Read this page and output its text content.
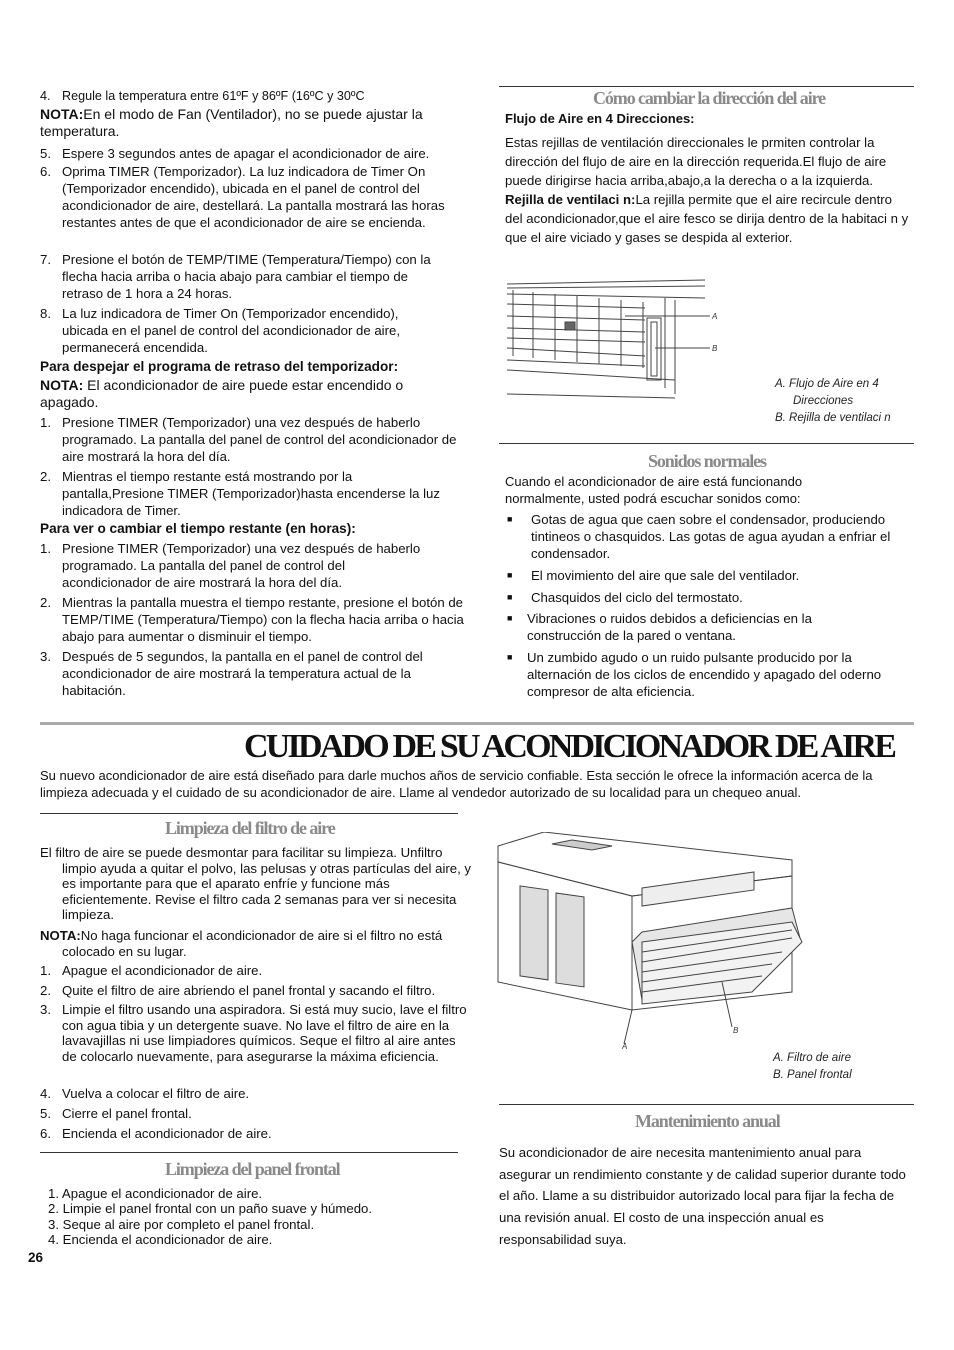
4. Regule la temperatura entre 61ºF y 86ºF (16ºC y 30ºC
NOTA:En el modo de Fan (Ventilador), no se puede ajustar la temperatura.
5. Espere 3 segundos antes de apagar el acondicionador de aire.
6. Oprima TIMER (Temporizador). La luz indicadora de Timer On (Temporizador encendido), ubicada en el panel de control del acondicionador de aire, destellará. La pantalla mostrará las horas restantes antes de que el acondicionador de aire se encienda.
7. Presione el botón de TEMP/TIME (Temperatura/Tiempo) con la flecha hacia arriba o hacia abajo para cambiar el tiempo de retraso de 1 hora a 24 horas.
8. La luz indicadora de Timer On (Temporizador encendido), ubicada en el panel de control del acondicionador de aire, permanecerá encendida.
Para despejar el programa de retraso del temporizador:
NOTA: El acondicionador de aire puede estar encendido o apagado.
1. Presione TIMER (Temporizador) una vez después de haberlo programado. La pantalla del panel de control del acondicionador de aire mostrará la hora del día.
2. Mientras el tiempo restante está mostrando por la pantalla,Presione TIMER (Temporizador)hasta encenderse la luz indicadora de Timer.
Para ver o cambiar el tiempo restante (en horas):
1. Presione TIMER (Temporizador) una vez después de haberlo programado. La pantalla del panel de control del acondicionador de aire mostrará la hora del día.
2. Mientras la pantalla muestra el tiempo restante, presione el botón de TEMP/TIME (Temperatura/Tiempo) con la flecha hacia arriba o hacia abajo para aumentar o disminuir el tiempo.
3. Después de 5 segundos, la pantalla en el panel de control del acondicionador de aire mostrará la temperatura actual de la habitación.
Cómo cambiar la dirección del aire
Flujo de Aire en 4 Direcciones:
Estas rejillas de ventilación direccionales le prmiten controlar la dirección del flujo de aire en la dirección requerida.El flujo de aire puede dirigirse hacia arriba,abajo,a la derecha o a la izquierda. Rejilla de ventilaci n:La rejilla permite que el aire recircule dentro del acondicionador,que el aire fesco se dirija dentro de la habitaci n y que el aire viciado y gases se despida al exterior.
A
B
A. Flujo de Aire en 4
Direcciones
B. Rejilla de ventilaci n
Sonidos normales
Cuando el acondicionador de aire está funcionando normalmente, usted podrá escuchar sonidos como:
■ Gotas de agua que caen sobre el condensador, produciendo tintineos o chasquidos. Las gotas de agua ayudan a enfriar el condensador.
■ El movimiento del aire que sale del ventilador.
■ Chasquidos del ciclo del termostato.
■ Vibraciones o ruidos debidos a deficiencias en la construcción de la pared o ventana.
■ Un zumbido agudo o un ruido pulsante producido por la alternación de los ciclos de encendido y apagado del oderno compresor de alta eficiencia.
CUIDADO DE SU ACONDICIONADOR DE AIRE
Su nuevo acondicionador de aire está diseñado para darle muchos años de servicio confiable. Esta sección le ofrece la información acerca de la limpieza adecuada y el cuidado de su acondicionador de aire. Llame al vendedor autorizado de su localidad para un chequeo anual.
Limpieza del filtro de aire
El filtro de aire se puede desmontar para facilitar su limpieza. Unfiltro limpio ayuda a quitar el polvo, las pelusas y otras partículas del aire, y es importante para que el aparato enfríe y funcione más eficientemente. Revise el filtro cada 2 semanas para ver si necesita limpieza.
NOTA:No haga funcionar el acondicionador de aire si el filtro no está colocado en su lugar.
1. Apague el acondicionador de aire.
2. Quite el filtro de aire abriendo el panel frontal y sacando el filtro.
3. Limpie el filtro usando una aspiradora. Si está muy sucio, lave el filtro con agua tibia y un detergente suave. No lave el filtro de aire en la lavavajillas ni use limpiadores químicos. Seque el filtro al aire antes de colocarlo nuevamente, para asegurarse la máxima eficiencia.
4. Vuelva a colocar el filtro de aire.
5. Cierre el panel frontal.
6. Encienda el acondicionador de aire.
Limpieza del panel frontal
1. Apague el acondicionador de aire.
2. Limpie el panel frontal con un paño suave y húmedo.
3. Seque al aire por completo el panel frontal.
4. Encienda el acondicionador de aire.
26
A
B
A. Filtro de aire
B. Panel frontal
Mantenimiento anual
Su acondicionador de aire necesita mantenimiento anual para asegurar un rendimiento constante y de calidad superior durante todo el año. Llame a su distribuidor autorizado local para fijar la fecha de una revisión anual. El costo de una inspección anual es responsabilidad suya.
